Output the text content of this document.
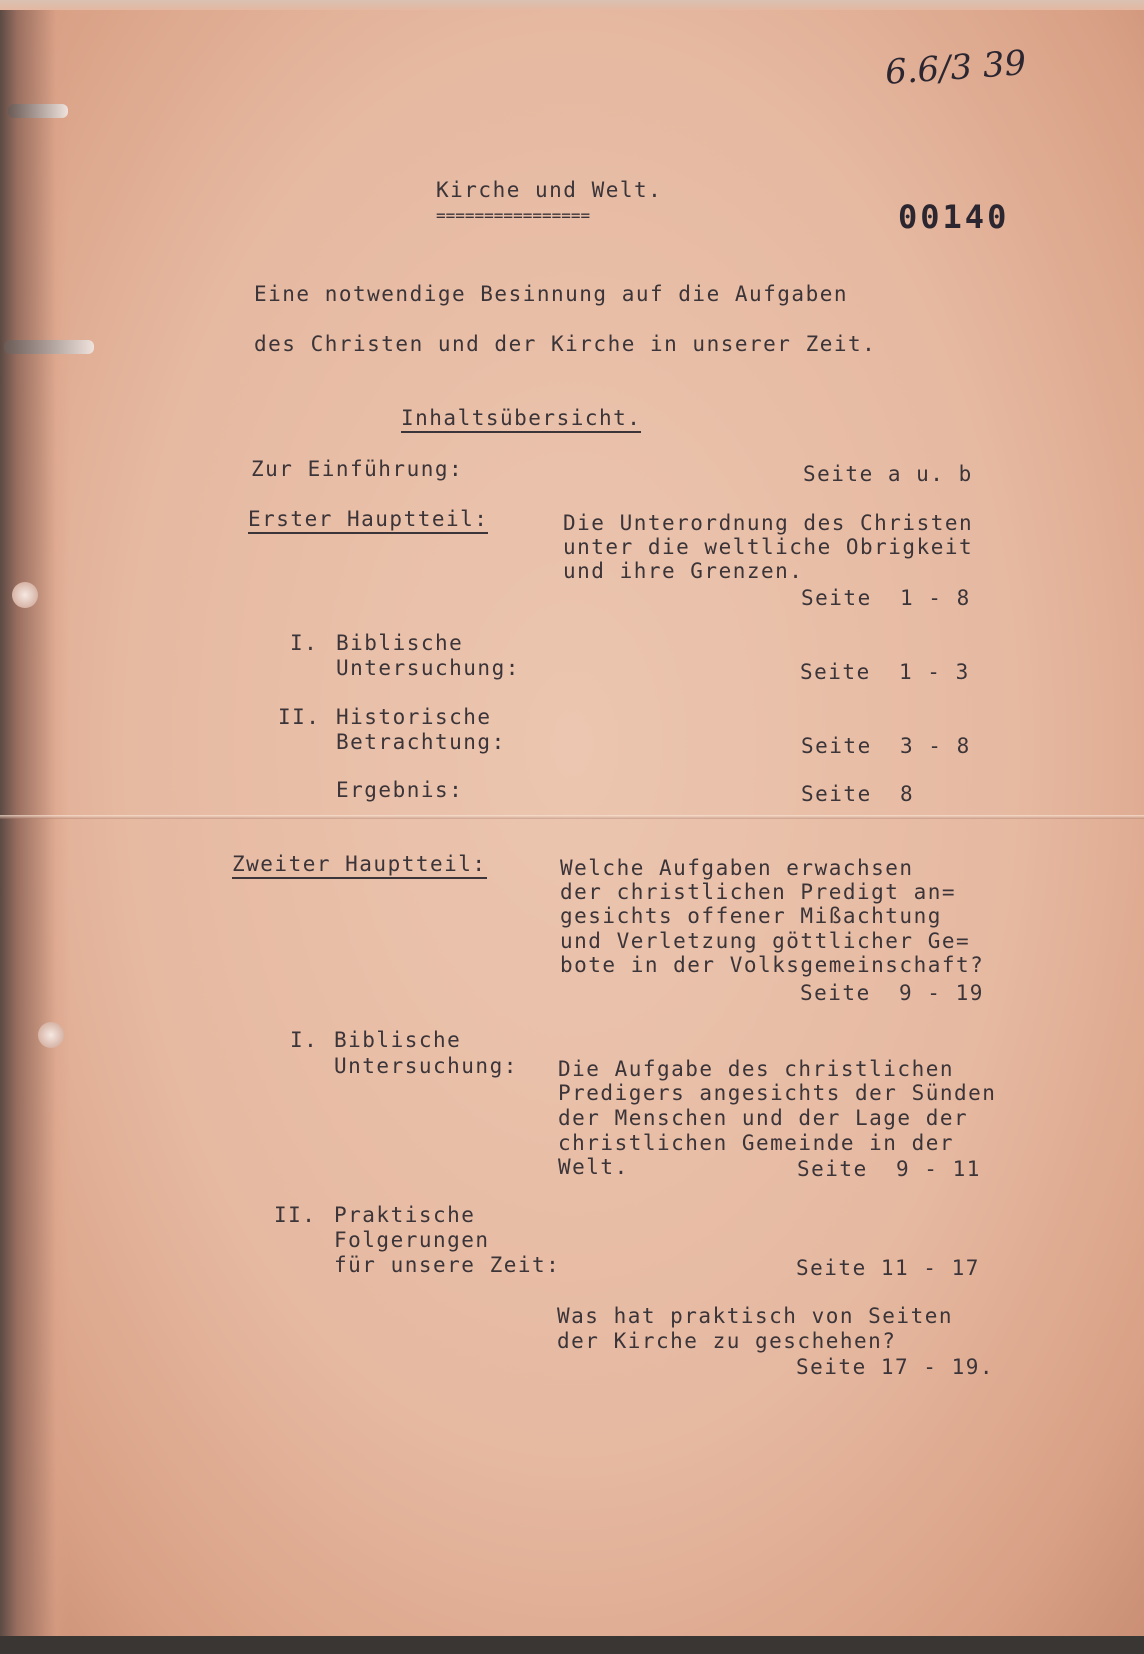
6.6/3 39
Kirche und Welt.
================	00140
Eine notwendige Besinnung auf die Aufgaben
des Christen und der Kirche in unserer Zeit.
Inhaltsübersicht.
Zur Einführung:	Seite a u. b
Erster Hauptteil:	Die Unterordnung des Christen
unter die weltliche Obrigkeit
und ihre Grenzen.
Seite  1 - 8
I. Biblische
Untersuchung:	Seite  1 - 3
II. Historische
Betrachtung:	Seite  3 - 8
Ergebnis:	Seite  8
Zweiter Hauptteil:	Welche Aufgaben erwachsen
der christlichen Predigt an=
gesichts offener Mißachtung
und Verletzung göttlicher Ge=
bote in der Volksgemeinschaft?
Seite  9 - 19
I. Biblische
Untersuchung: Die Aufgabe des christlichen
Predigers angesichts der Sünden
der Menschen und der Lage der
christlichen Gemeinde in der
Welt.	Seite  9 - 11
II. Praktische
Folgerungen
für unsere Zeit:	Seite 11 - 17
Was hat praktisch von Seiten
der Kirche zu geschehen?
Seite 17 - 19.
